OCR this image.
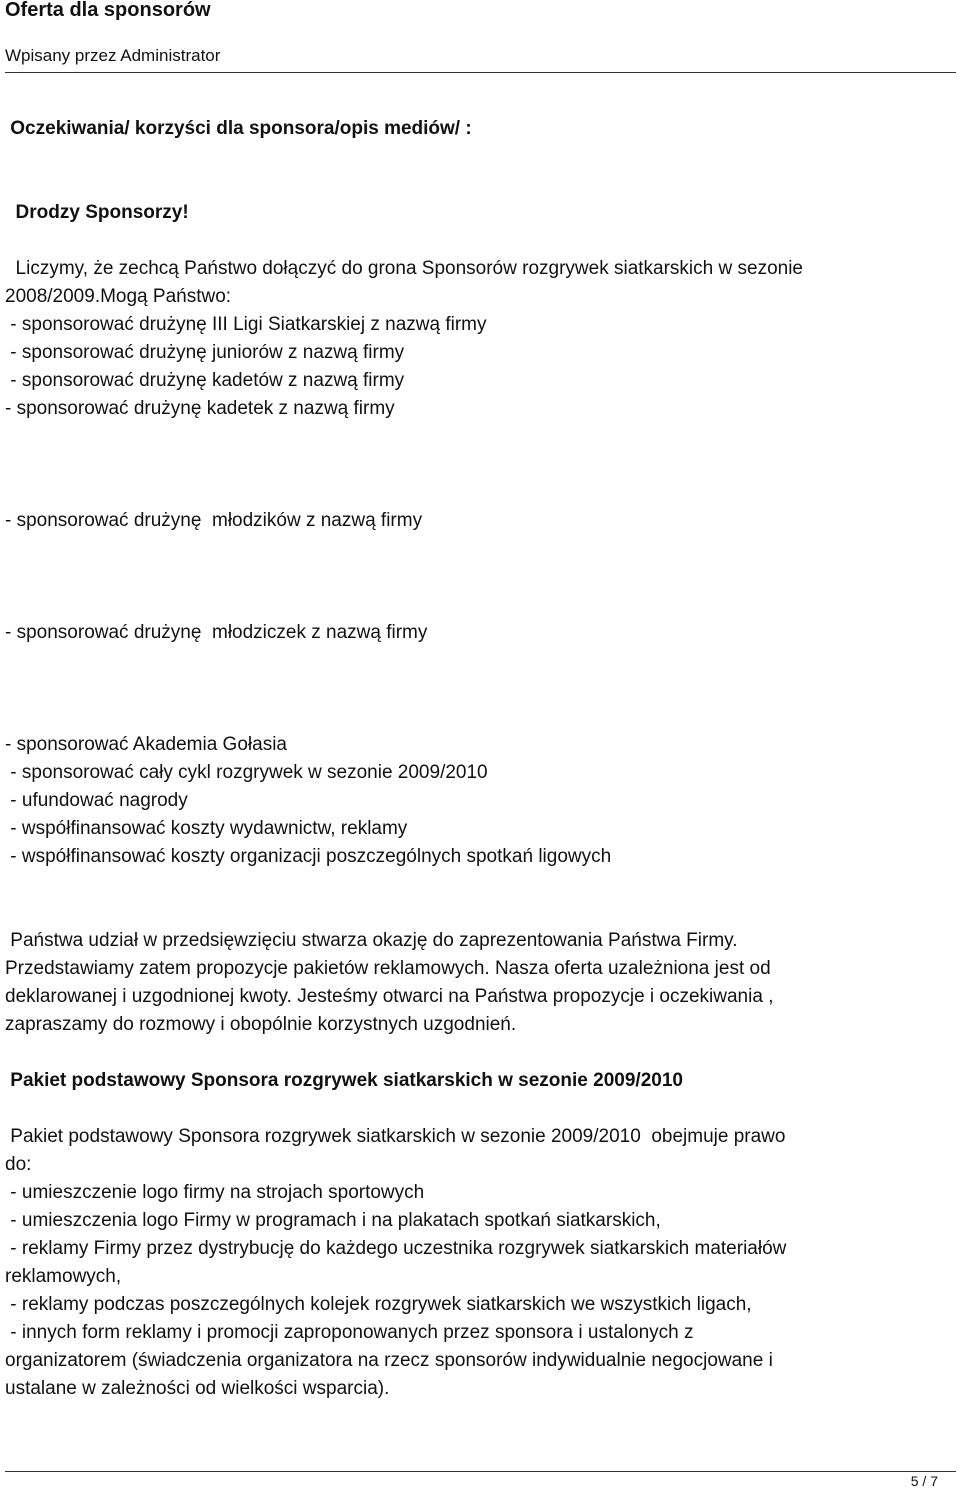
Oferta dla sponsorów
Wpisany przez Administrator
Oczekiwania/ korzyści dla sponsora/opis mediów/ :
Drodzy Sponsorzy!
Liczymy, że zechcą Państwo dołączyć do grona Sponsorów rozgrywek siatkarskich w sezonie
2008/2009.Mogą Państwo:
- sponsorować drużynę III Ligi Siatkarskiej z nazwą firmy
- sponsorować drużynę juniorów z nazwą firmy
- sponsorować drużynę kadetów z nazwą firmy
- sponsorować drużynę kadetek z nazwą firmy
- sponsorować drużynę  młodzików z nazwą firmy
- sponsorować drużynę  młodziczek z nazwą firmy
- sponsorować Akademia Gołasia
- sponsorować cały cykl rozgrywek w sezonie 2009/2010
- ufundować nagrody
- współfinansować koszty wydawnictw, reklamy
- współfinansować koszty organizacji poszczególnych spotkań ligowych
Państwa udział w przedsięwzięciu stwarza okazję do zaprezentowania Państwa Firmy.
Przedstawiamy zatem propozycje pakietów reklamowych. Nasza oferta uzależniona jest od
deklarowanej i uzgodnionej kwoty. Jesteśmy otwarci na Państwa propozycje i oczekiwania ,
zapraszamy do rozmowy i obopólnie korzystnych uzgodnień.
Pakiet podstawowy Sponsora rozgrywek siatkarskich w sezonie 2009/2010
Pakiet podstawowy Sponsora rozgrywek siatkarskich w sezonie 2009/2010  obejmuje prawo
do:
- umieszczenie logo firmy na strojach sportowych
- umieszczenia logo Firmy w programach i na plakatach spotkań siatkarskich,
- reklamy Firmy przez dystrybucję do każdego uczestnika rozgrywek siatkarskich materiałów
reklamowych,
- reklamy podczas poszczególnych kolejek rozgrywek siatkarskich we wszystkich ligach,
- innych form reklamy i promocji zaproponowanych przez sponsora i ustalonych z
organizatorem (świadczenia organizatora na rzecz sponsorów indywidualnie negocjowane i
ustalane w zależności od wielkości wsparcia).
5 / 7
